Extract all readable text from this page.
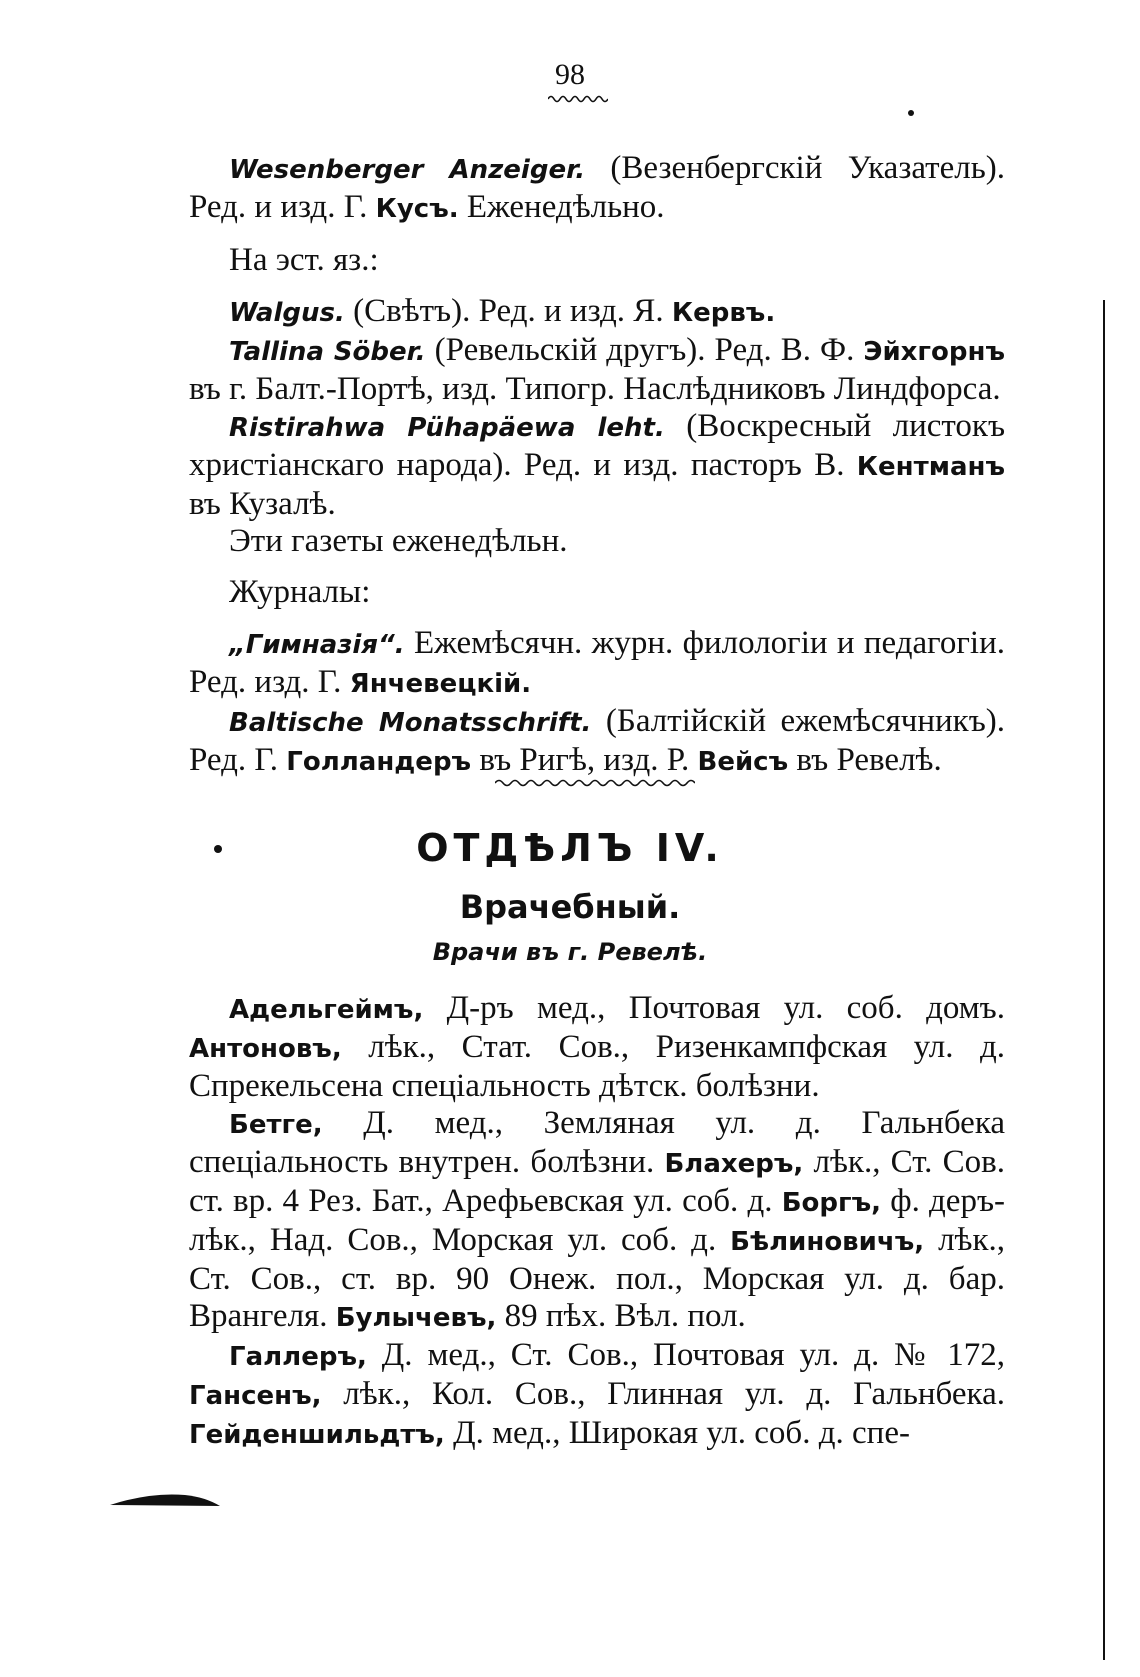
98

Wesenberger Anzeiger. (Везенбергскій Указатель). Ред. и изд. Г. Кусъ. Еженедѣльно.

На эст. яз.:

Walgus. (Свѣтъ). Ред. и изд. Я. Кервъ.

Tallina Söber. (Ревельскій другъ). Ред. В. Ф. Эйхгорнъ въ г. Балт.-Портѣ, изд. Типогр. Наслѣдниковъ Линдфорса.

Ristirahwa Pühapäewa leht. (Воскресный листокъ христіанскаго народа). Ред. и изд. пасторъ В. Кентманъ въ Кузалѣ.

Эти газеты еженедѣльн.

Журналы:

„Гимназія“. Ежемѣсячн. журн. филологіи и педагогіи. Ред. изд. Г. Янчевецкій.

Baltische Monatsschrift. (Балтійскій ежемѣсячникъ). Ред. Г. Голландеръ въ Ригѣ, изд. Р. Вейсъ въ Ревелѣ.

ОТДѢЛЪ IV.
Врачебный.
Врачи въ г. Ревелѣ.

Адельгеймъ, Д-ръ мед., Почтовая ул. соб. домъ. Антоновъ, лѣк., Стат. Сов., Ризенкампфская ул. д. Спрекельсена спеціальность дѣтск. болѣзни.

Бетге, Д. мед., Земляная ул. д. Гальнбека спеціальность внутрен. болѣзни. Блахеръ, лѣк., Ст. Сов. ст. вр. 4 Рез. Бат., Арефьевская ул. соб. д. Боргъ, ф. деръ-лѣк., Над. Сов., Морская ул. соб. д. Бѣлиновичъ, лѣк., Ст. Сов., ст. вр. 90 Онеж. пол., Морская ул. д. бар. Врангеля. Булычевъ, 89 пѣх. Вѣл. пол.

Галлеръ, Д. мед., Ст. Сов., Почтовая ул. д. № 172, Гансенъ, лѣк., Кол. Сов., Глинная ул. д. Гальнбека. Гейденшильдтъ, Д. мед., Широкая ул. соб. д. спе-
